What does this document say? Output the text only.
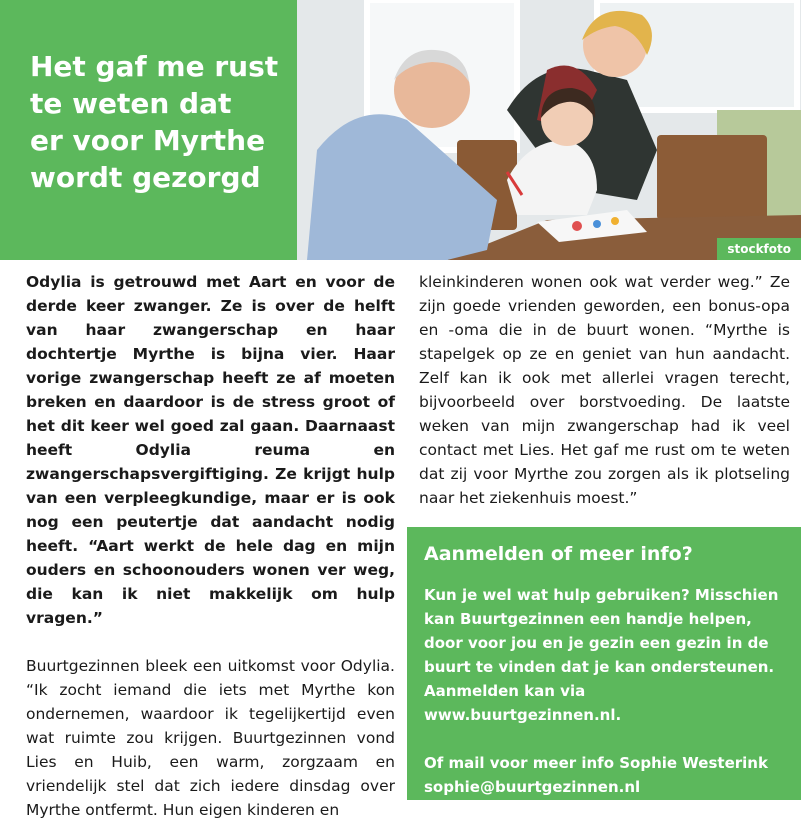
Het gaf me rust
te weten dat
er voor Myrthe
wordt gezorgd
stockfoto

Odylia is getrouwd met Aart en voor de derde keer zwanger. Ze is over de helft van haar zwangerschap en haar dochtertje Myrthe is bijna vier. Haar vorige zwangerschap heeft ze af moeten breken en daardoor is de stress groot of het dit keer wel goed zal gaan. Daarnaast heeft Odylia reuma en zwangerschapsvergiftiging. Ze krijgt hulp van een verpleegkundige, maar er is ook nog een peutertje dat aandacht nodig heeft. “Aart werkt de hele dag en mijn ouders en schoonouders wonen ver weg, die kan ik niet makkelijk om hulp vragen.”

Buurtgezinnen bleek een uitkomst voor Odylia. “Ik zocht iemand die iets met Myrthe kon ondernemen, waardoor ik tegelijkertijd even wat ruimte zou krijgen. Buurtgezinnen vond Lies en Huib, een warm, zorgzaam en vriendelijk stel dat zich iedere dinsdag over Myrthe ontfermt. Hun eigen kinderen en

kleinkinderen wonen ook wat verder weg.” Ze zijn goede vrienden geworden, een bonus-opa en -oma die in de buurt wonen. “Myrthe is stapelgek op ze en geniet van hun aandacht. Zelf kan ik ook met allerlei vragen terecht, bijvoorbeeld over borstvoeding. De laatste weken van mijn zwangerschap had ik veel contact met Lies. Het gaf me rust om te weten dat zij voor Myrthe zou zorgen als ik plotseling naar het ziekenhuis moest.”

Aanmelden of meer info?

Kun je wel wat hulp gebruiken? Misschien kan Buurtgezinnen een handje helpen, door voor jou en je gezin een gezin in de buurt te vinden dat je kan ondersteunen. Aanmelden kan via www.buurtgezinnen.nl.

Of mail voor meer info Sophie Westerink
sophie@buurtgezinnen.nl
